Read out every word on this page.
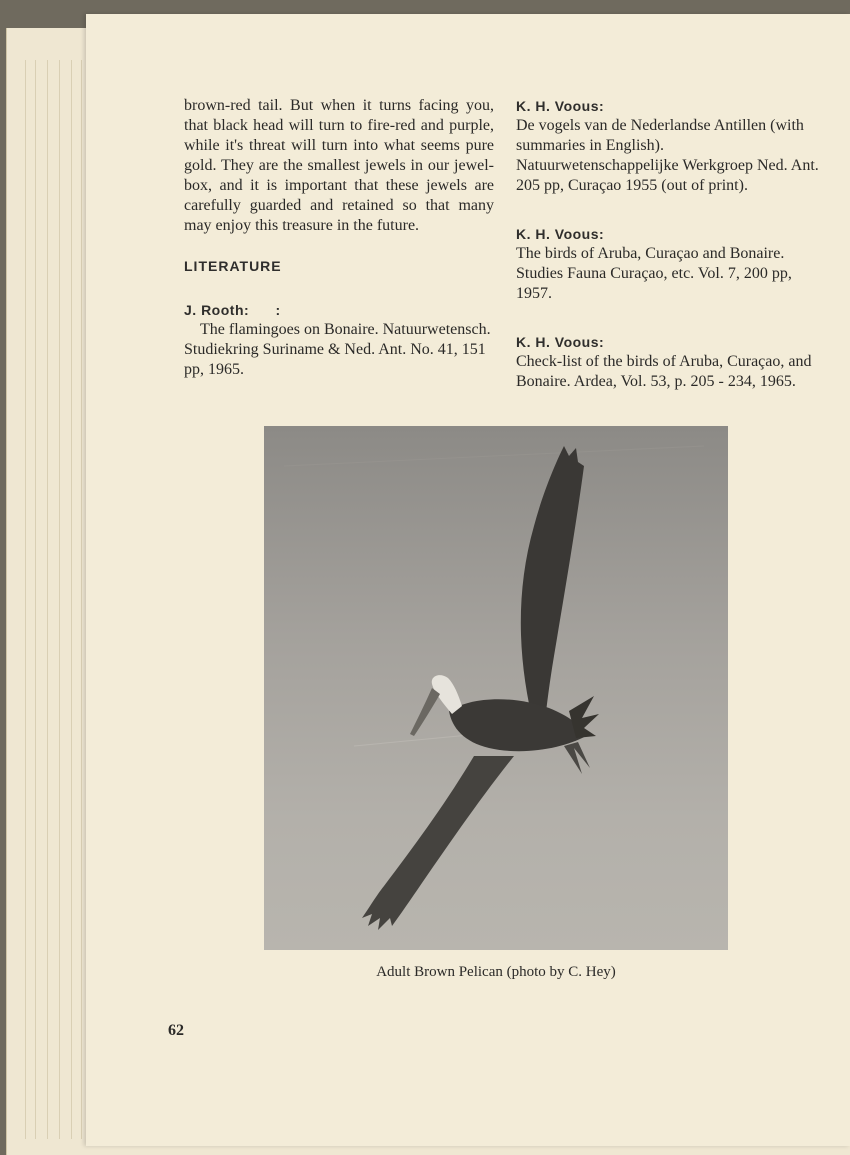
brown-red tail. But when it turns facing you, that black head will turn to fire-red and purple, while it's threat will turn into what seems pure gold. They are the smallest jewels in our jewel-box, and it is important that these jewels are carefully guarded and retained so that many may enjoy this treasure in the future.

LITERATURE
J. Rooth:      :

The flamingoes on Bonaire. Natuurwetensch. Studiekring Suriname & Ned. Ant. No. 41, 151 pp, 1965.

K. H. Voous:

De vogels van de Nederlandse Antillen (with summaries in English). Natuurwetenschappelijke Werkgroep Ned. Ant. 205 pp, Curaçao 1955 (out of print).

K. H. Voous:

The birds of Aruba, Curaçao and Bonaire. Studies Fauna Curaçao, etc. Vol. 7, 200 pp, 1957.

K. H. Voous:

Check-list of the birds of Aruba, Curaçao, and Bonaire. Ardea, Vol. 53, p. 205 - 234, 1965.

Adult Brown Pelican (photo by C. Hey)
62
